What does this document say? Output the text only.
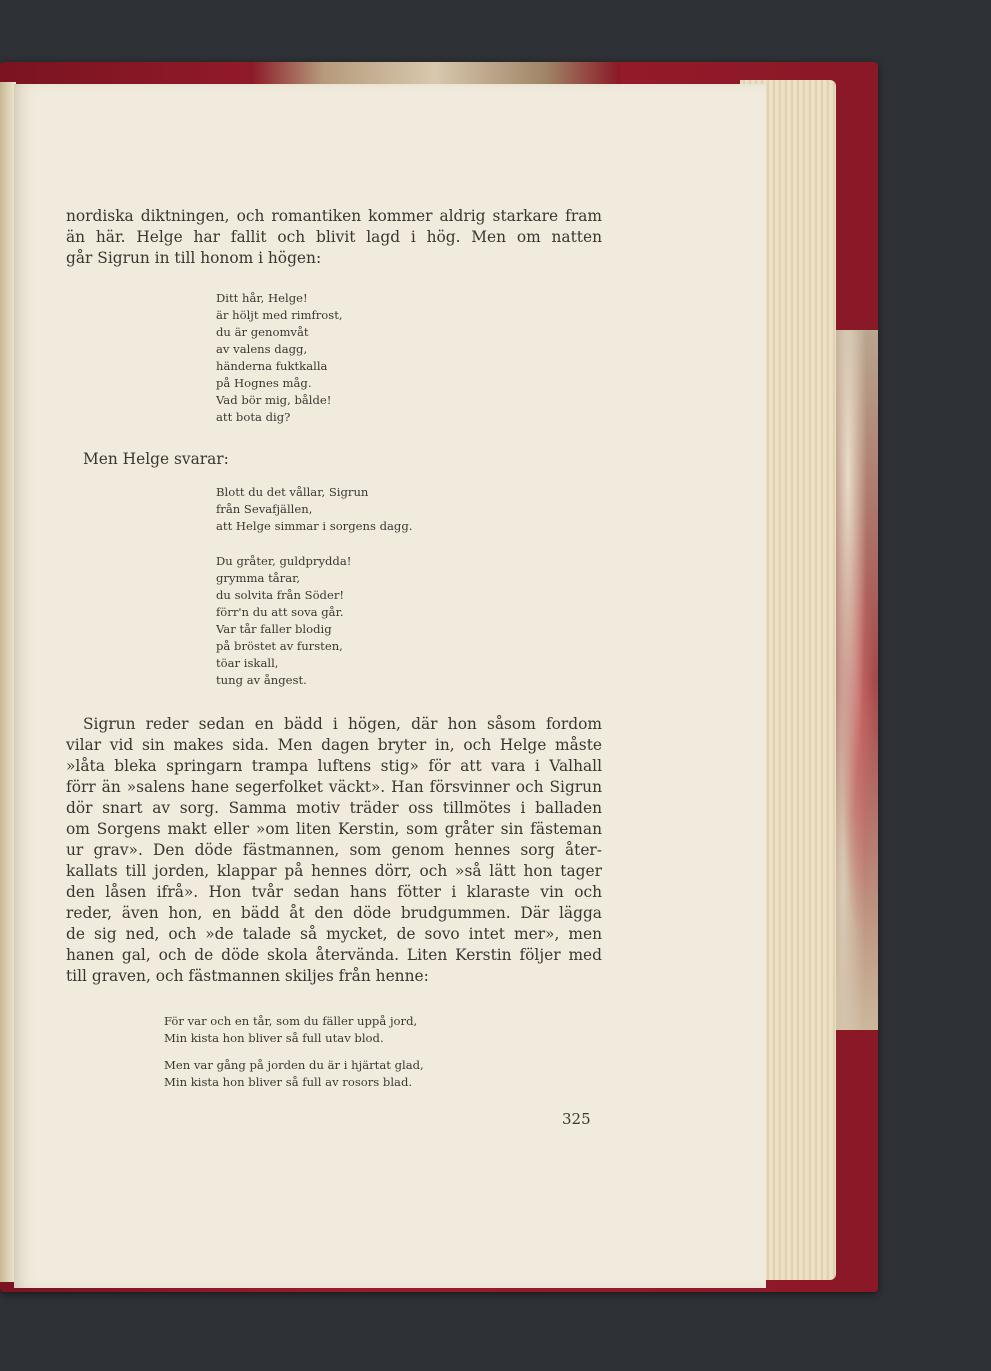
nordiska diktningen, och romantiken kommer aldrig starkare fram
än här. Helge har fallit och blivit lagd i hög. Men om natten
går Sigrun in till honom i högen:
Ditt hår, Helge!
är höljt med rimfrost,
du är genomvåt
av valens dagg,
händerna fuktkalla
på Hognes måg.
Vad bör mig, bålde!
att bota dig?
Men Helge svarar:
Blott du det vållar, Sigrun
från Sevafjällen,
att Helge simmar i sorgens dagg.
Du gråter, guldprydda!
grymma tårar,
du solvita från Söder!
förr'n du att sova går.
Var tår faller blodig
på bröstet av fursten,
töar iskall,
tung av ångest.
Sigrun reder sedan en bädd i högen, där hon såsom fordom
vilar vid sin makes sida. Men dagen bryter in, och Helge måste
»låta bleka springarn trampa luftens stig» för att vara i Valhall
förr än »salens hane segerfolket väckt». Han försvinner och Sigrun
dör snart av sorg. Samma motiv träder oss tillmötes i balladen
om Sorgens makt eller »om liten Kerstin, som gråter sin fästeman
ur grav». Den döde fästmannen, som genom hennes sorg åter-
kallats till jorden, klappar på hennes dörr, och »så lätt hon tager
den låsen ifrå». Hon tvår sedan hans fötter i klaraste vin och
reder, även hon, en bädd åt den döde brudgummen. Där lägga
de sig ned, och »de talade så mycket, de sovo intet mer», men
hanen gal, och de döde skola återvända. Liten Kerstin följer med
till graven, och fästmannen skiljes från henne:
För var och en tår, som du fäller uppå jord,
Min kista hon bliver så full utav blod.
Men var gång på jorden du är i hjärtat glad,
Min kista hon bliver så full av rosors blad.
325
